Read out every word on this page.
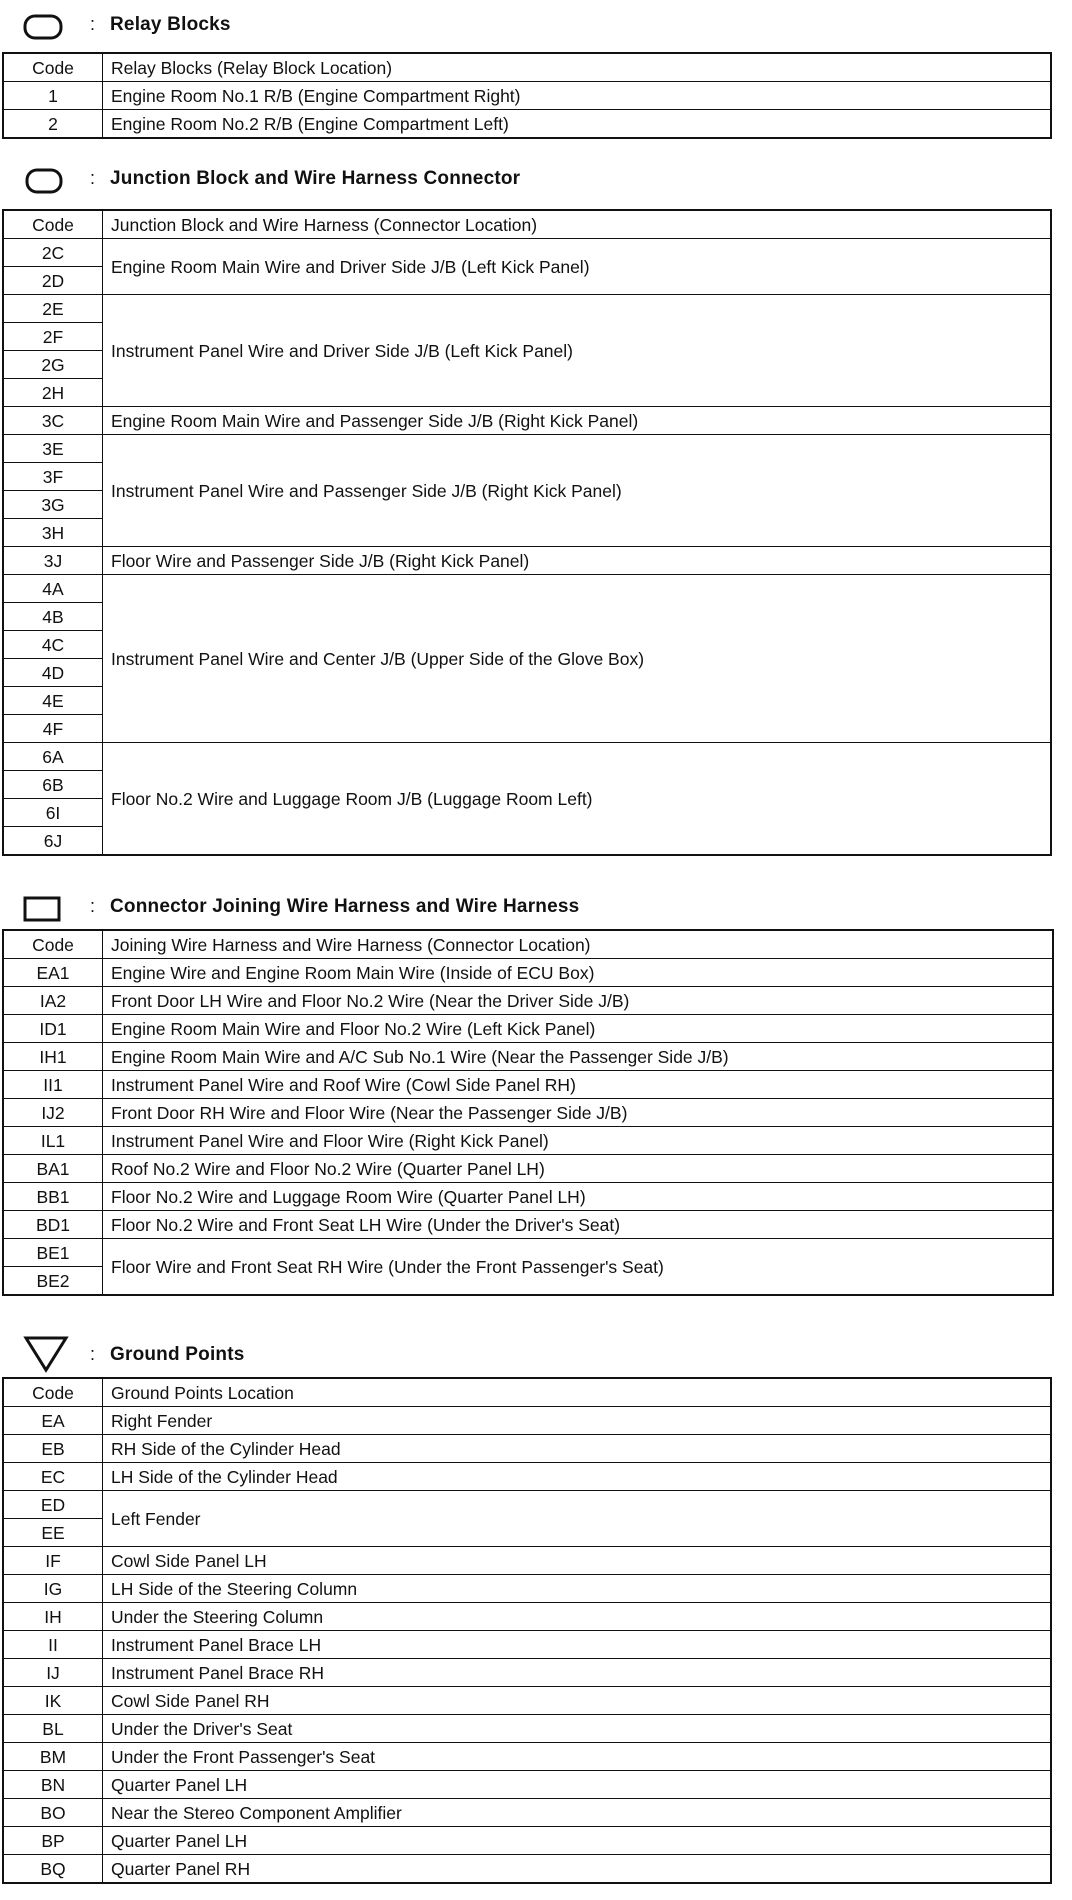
: Relay Blocks
Code	Relay Blocks (Relay Block Location)
1	Engine Room No.1 R/B (Engine Compartment Right)
2	Engine Room No.2 R/B (Engine Compartment Left)
: Junction Block and Wire Harness Connector
Code	Junction Block and Wire Harness (Connector Location)
2C	Engine Room Main Wire and Driver Side J/B (Left Kick Panel)
2D	
2E	Instrument Panel Wire and Driver Side J/B (Left Kick Panel)
2F	
2G	
2H	
3C	Engine Room Main Wire and Passenger Side J/B (Right Kick Panel)
3E	Instrument Panel Wire and Passenger Side J/B (Right Kick Panel)
3F	
3G	
3H	
3J	Floor Wire and Passenger Side J/B (Right Kick Panel)
4A	Instrument Panel Wire and Center J/B (Upper Side of the Glove Box)
4B	
4C	
4D	
4E	
4F	
6A	Floor No.2 Wire and Luggage Room J/B (Luggage Room Left)
6B	
6I	
6J	
: Connector Joining Wire Harness and Wire Harness
Code	Joining Wire Harness and Wire Harness (Connector Location)
EA1	Engine Wire and Engine Room Main Wire (Inside of ECU Box)
IA2	Front Door LH Wire and Floor No.2 Wire (Near the Driver Side J/B)
ID1	Engine Room Main Wire and Floor No.2 Wire (Left Kick Panel)
IH1	Engine Room Main Wire and A/C Sub No.1 Wire (Near the Passenger Side J/B)
II1	Instrument Panel Wire and Roof Wire (Cowl Side Panel RH)
IJ2	Front Door RH Wire and Floor Wire (Near the Passenger Side J/B)
IL1	Instrument Panel Wire and Floor Wire (Right Kick Panel)
BA1	Roof No.2 Wire and Floor No.2 Wire (Quarter Panel LH)
BB1	Floor No.2 Wire and Luggage Room Wire (Quarter Panel LH)
BD1	Floor No.2 Wire and Front Seat LH Wire (Under the Driver's Seat)
BE1	Floor Wire and Front Seat RH Wire (Under the Front Passenger's Seat)
BE2	
: Ground Points
Code	Ground Points Location
EA	Right Fender
EB	RH Side of the Cylinder Head
EC	LH Side of the Cylinder Head
ED	Left Fender
EE	
IF	Cowl Side Panel LH
IG	LH Side of the Steering Column
IH	Under the Steering Column
II	Instrument Panel Brace LH
IJ	Instrument Panel Brace RH
IK	Cowl Side Panel RH
BL	Under the Driver's Seat
BM	Under the Front Passenger's Seat
BN	Quarter Panel LH
BO	Near the Stereo Component Amplifier
BP	Quarter Panel LH
BQ	Quarter Panel RH
